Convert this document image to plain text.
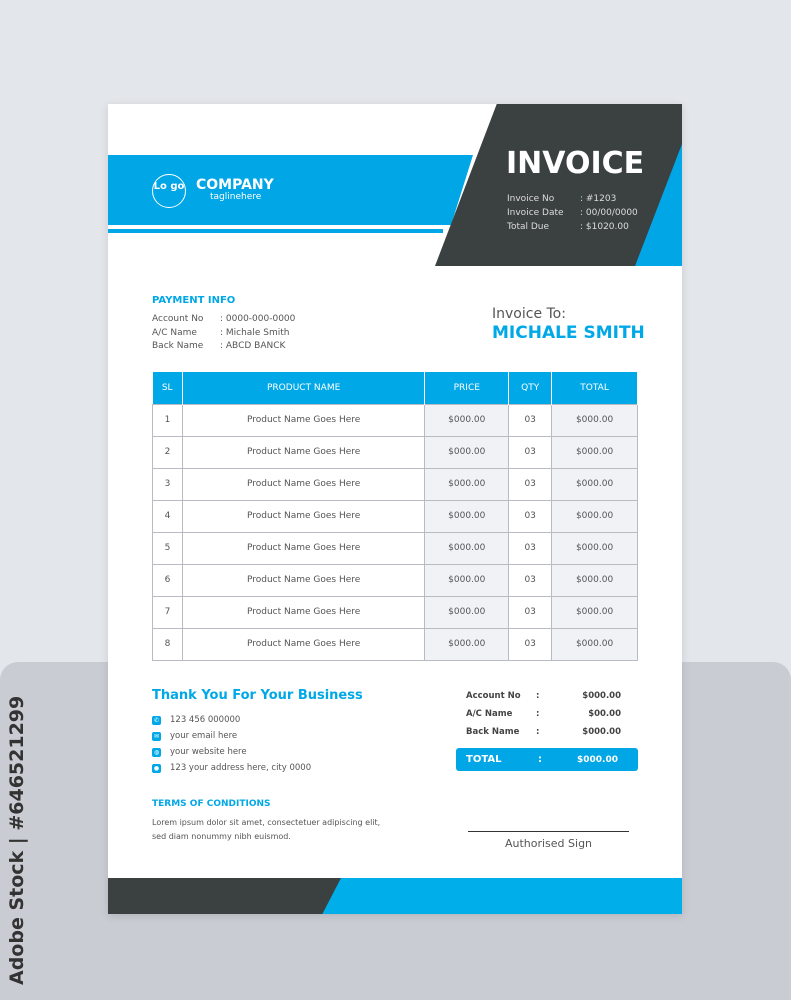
Adobe Stock | #646521299
Lo go COMPANY
taglinehere
INVOICE
Invoice No	: #1203
Invoice Date : 00/00/0000
Total Due	: $1020.00
PAYMENT INFO
Account No : 0000-000-0000
A/C Name	: Michale Smith
Back Name : ABCD BANCK
Invoice To:
MICHALE SMITH
SL	PRODUCT NAME	PRICE	QTY	TOTAL
1	Product Name Goes Here	$000.00	03	$000.00
2	Product Name Goes Here	$000.00	03	$000.00
3	Product Name Goes Here	$000.00	03	$000.00
4	Product Name Goes Here	$000.00	03	$000.00
5	Product Name Goes Here	$000.00	03	$000.00
6	Product Name Goes Here	$000.00	03	$000.00
7	Product Name Goes Here	$000.00	03	$000.00
8	Product Name Goes Here	$000.00	03	$000.00
Thank You For Your Business
✆ 123 456 000000
✉ your email here
◍ your website here
● 123 your address here, city 0000
TERMS OF CONDITIONS
Lorem ipsum dolor sit amet, consectetuer adipiscing elit,
sed diam nonummy nibh euismod.
Account No	:	$000.00
A/C Name	:	$00.00
Back Name	:	$000.00
TOTAL	:	$000.00
Authorised Sign
